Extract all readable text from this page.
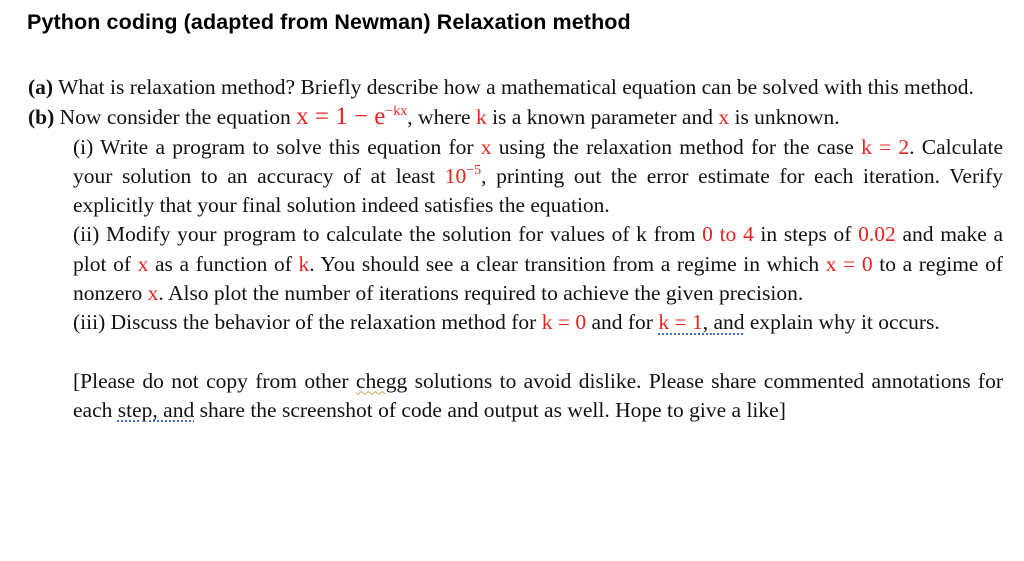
Python coding (adapted from Newman) Relaxation method

(a) What is relaxation method? Briefly describe how a mathematical equation can be solved with this method.

(b) Now consider the equation $x = 1 - e^{-kx}$, where k is a known parameter and x is unknown.

(i) Write a program to solve this equation for x using the relaxation method for the case k = 2. Calculate your solution to an accuracy of at least $10^{-5}$, printing out the error estimate for each iteration. Verify explicitly that your final solution indeed satisfies the equation.

(ii) Modify your program to calculate the solution for values of k from 0 to 4 in steps of 0.02 and make a plot of x as a function of k. You should see a clear transition from a regime in which x = 0 to a regime of nonzero x. Also plot the number of iterations required to achieve the given precision.

(iii) Discuss the behavior of the relaxation method for k = 0 and for k = 1, and explain why it occurs.

[Please do not copy from other chegg solutions to avoid dislike. Please share commented annotations for each step, and share the screenshot of code and output as well. Hope to give a like]
